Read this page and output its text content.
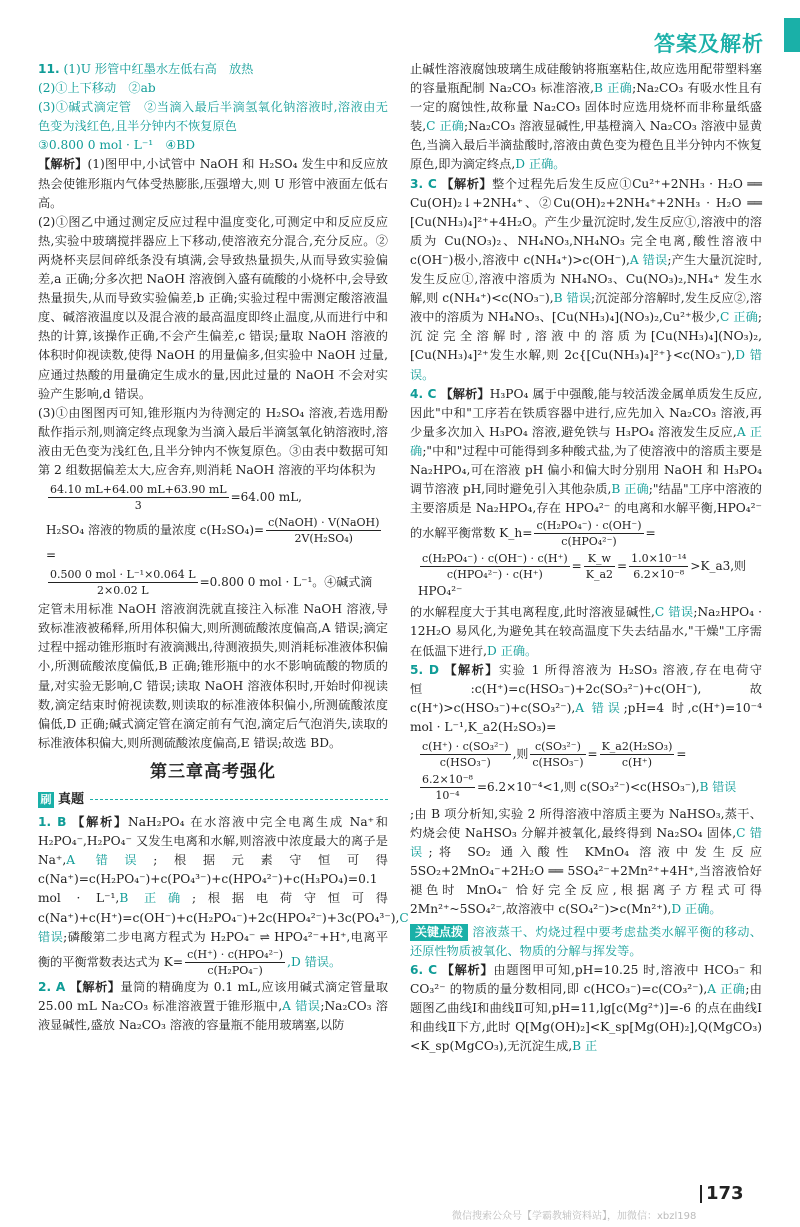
答案及解析

11. (1)U 形管中红墨水左低右高　放热

(2)①上下移动　②ab

(3)①碱式滴定管　②当滴入最后半滴氢氧化钠溶液时,溶液由无色变为浅红色,且半分钟内不恢复原色

③0.800 0 mol · L⁻¹　④BD

【解析】(1)图甲中,小试管中 NaOH 和 H₂SO₄ 发生中和反应放热会使锥形瓶内气体受热膨胀,压强增大,则 U 形管中液面左低右高。

(2)①图乙中通过测定反应过程中温度变化,可测定中和反应反应热,实验中玻璃搅拌器应上下移动,使溶液充分混合,充分反应。②两烧杯夹层间碎纸条没有填满,会导致热量损失,从而导致实验偏差,a 正确;分多次把 NaOH 溶液倒入盛有硫酸的小烧杯中,会导致热量损失,从而导致实验偏差,b 正确;实验过程中需测定酸溶液温度、碱溶液温度以及混合液的最高温度即终止温度,从而进行中和热的计算,该操作正确,不会产生偏差,c 错误;量取 NaOH 溶液的体积时仰视读数,使得 NaOH 的用量偏多,但实验中 NaOH 过量,应通过热酸的用量确定生成水的量,因此过量的 NaOH 不会对实验产生影响,d 错误。

(3)①由图图丙可知,锥形瓶内为待测定的 H₂SO₄ 溶液,若选用酚酞作指示剂,则滴定终点现象为当滴入最后半滴氢氧化钠溶液时,溶液由无色变为浅红色,且半分钟内不恢复原色。③由表中数据可知第 2 组数据偏差太大,应舍弃,则消耗 NaOH 溶液的平均体积为

$\frac{64.10 mL+64.00 mL+63.90 mL}{3} =64.00$ mL,
H₂SO₄ 溶液的物质的量浓度 $c(H_2SO_4)= \frac{\text{c(NaOH) · V(NaOH)}}{\text{2V(H₂SO₄)}}$
=
$\frac{\text{0.500 0 mol · L⁻¹×0.064 L}}{2\times 0.02 L} =0.800$ 0 mol · L⁻¹。④碱式滴

定管未用标准 NaOH 溶液润洗就直接注入标准 NaOH 溶液,导致标准液被稀释,所用体积偏大,则所测硫酸浓度偏高,A 错误;滴定过程中摇动锥形瓶时有液滴溅出,待测液损失,则消耗标准液体积偏小,所测硫酸浓度偏低,B 正确;锥形瓶中的水不影响硫酸的物质的量,对实验无影响,C 错误;读取 NaOH 溶液体积时,开始时仰视读数,滴定结束时俯视读数,则读取的标准液体积偏小,所测硫酸浓度偏低,D 正确;碱式滴定管在滴定前有气泡,滴定后气泡消失,读取的标准液体积偏大,则所测硫酸浓度偏高,E 错误;故选 BD。

第三章高考强化
刷 真题

1. B 【解析】NaH₂PO₄ 在水溶液中完全电离生成 Na⁺和 H₂PO₄⁻,H₂PO₄⁻ 又发生电离和水解,则溶液中浓度最大的离子是 Na⁺,A 错误;根据元素守恒可得 c(Na⁺)=c(H₂PO₄⁻)+c(PO₄³⁻)+c(HPO₄²⁻)+c(H₃PO₄)=0.1 mol · L⁻¹,B 正确;根据电荷守恒可得 c(Na⁺)+c(H⁺)=c(OH⁻)+c(H₂PO₄⁻)+2c(HPO₄²⁻)+3c(PO₄³⁻),C 错误;磷酸第二步电离方程式为 H₂PO₄⁻ ⇌ HPO₄²⁻+H⁺,电离平衡的平衡常数表达式为 $K= \frac{\text{c(H⁺) · c(HPO₄²⁻)}}{\text{c(H₂PO₄⁻)}} ,D$ 错误。

2. A 【解析】量筒的精确度为 0.1 mL,应该用碱式滴定管量取 25.00 mL Na₂CO₃ 标准溶液置于锥形瓶中,A 错误;Na₂CO₃ 溶液显碱性,盛放 Na₂CO₃ 溶液的容量瓶不能用玻璃塞,以防

止碱性溶液腐蚀玻璃生成硅酸钠将瓶塞粘住,故应选用配带塑料塞的容量瓶配制 Na₂CO₃ 标准溶液,B 正确;Na₂CO₃ 有吸水性且有一定的腐蚀性,故称量 Na₂CO₃ 固体时应选用烧杯而非称量纸盛装,C 正确;Na₂CO₃ 溶液显碱性,甲基橙滴入 Na₂CO₃ 溶液中显黄色,当滴入最后半滴盐酸时,溶液由黄色变为橙色且半分钟内不恢复原色,即为滴定终点,D 正确。

3. C 【解析】整个过程先后发生反应①Cu²⁺+2NH₃ · H₂O ══ Cu(OH)₂↓+2NH₄⁺、②Cu(OH)₂+2NH₄⁺+2NH₃ · H₂O ══ [Cu(NH₃)₄]²⁺+4H₂O。产生少量沉淀时,发生反应①,溶液中的溶质为 Cu(NO₃)₂、NH₄NO₃,NH₄NO₃ 完全电离,酸性溶液中 c(OH⁻)极小,溶液中 c(NH₄⁺)>c(OH⁻),A 错误;产生大量沉淀时,发生反应①,溶液中溶质为 NH₄NO₃、Cu(NO₃)₂,NH₄⁺ 发生水解,则 c(NH₄⁺)<c(NO₃⁻),B 错误;沉淀部分溶解时,发生反应②,溶液中的溶质为 NH₄NO₃、[Cu(NH₃)₄](NO₃)₂,Cu²⁺极少,C 正确;沉淀完全溶解时,溶液中的溶质为[Cu(NH₃)₄](NO₃)₂,[Cu(NH₃)₄]²⁺发生水解,则 2c{[Cu(NH₃)₄]²⁺}<c(NO₃⁻),D 错误。

4. C 【解析】H₃PO₄ 属于中强酸,能与较活泼金属单质发生反应,因此"中和"工序若在铁质容器中进行,应先加入 Na₂CO₃ 溶液,再少量多次加入 H₃PO₄ 溶液,避免铁与 H₃PO₄ 溶液发生反应,A 正确;"中和"过程中可能得到多种酸式盐,为了使溶液中的溶质主要是 Na₂HPO₄,可在溶液 pH 偏小和偏大时分别用 NaOH 和 H₃PO₄ 调节溶液 pH,同时避免引入其他杂质,B 正确;"结晶"工序中溶液的主要溶质是 Na₂HPO₄,存在 HPO₄²⁻ 的电离和水解平衡,HPO₄²⁻ 的水解平衡常数 K_h= $\frac{\text{c(H₂PO₄⁻) · c(OH⁻)}}{\text{c(HPO₄²⁻)}}$ =

$\frac{\text{c(H₂PO₄⁻) · c(OH⁻) · c(H⁺)}}{\text{c(HPO₄²⁻) · c(H⁺)}} = \frac{K\_w}{K\_a2} = \frac{\text{1.0×10⁻¹⁴}}{\text{6.2×10⁻⁸}}$ >K_a3,则 HPO₄²⁻

的水解程度大于其电离程度,此时溶液显碱性,C 错误;Na₂HPO₄ · 12H₂O 易风化,为避免其在较高温度下失去结晶水,"干燥"工序需在低温下进行,D 正确。

5. D 【解析】实验 1 所得溶液为 H₂SO₃ 溶液,存在电荷守恒:c(H⁺)=c(HSO₃⁻)+2c(SO₃²⁻)+c(OH⁻),故 c(H⁺)>c(HSO₃⁻)+c(SO₃²⁻),A 错误;pH=4 时,c(H⁺)=10⁻⁴ mol · L⁻¹,K_a2(H₂SO₃)=

$\frac{\text{c(H⁺) · c(SO₃²⁻)}}{\text{c(HSO₃⁻)}}$ ,则 $\frac{\text{c(SO₃²⁻)}}{\text{c(HSO₃⁻)}} = \frac{\text{K\_a2(H₂SO₃)}}{c(H^+)}$ =
$\frac{\text{6.2×10⁻⁸}}{\text{10⁻⁴}} =6.2\times 10^{-4}<1$,则 c(SO₃²⁻)<c(HSO₃⁻),B 错误

;由 B 项分析知,实验 2 所得溶液中溶质主要为 NaHSO₃,蒸干、灼烧会使 NaHSO₃ 分解并被氧化,最终得到 Na₂SO₄ 固体,C 错误;将 SO₂ 通入酸性 KMnO₄ 溶液中发生反应 5SO₂+2MnO₄⁻+2H₂O ══ 5SO₄²⁻+2Mn²⁺+4H⁺,当溶液恰好褪色时 MnO₄⁻ 恰好完全反应,根据离子方程式可得 2Mn²⁺~5SO₄²⁻,故溶液中 c(SO₄²⁻)>c(Mn²⁺),D 正确。

关键点拨 溶液蒸干、灼烧过程中要考虑盐类水解平衡的移动、还原性物质被氧化、物质的分解与挥发等。

6. C 【解析】由题图甲可知,pH=10.25 时,溶液中 HCO₃⁻ 和 CO₃²⁻ 的物质的量分数相同,即 c(HCO₃⁻)=c(CO₃²⁻),A 正确;由题图乙曲线Ⅰ和曲线Ⅱ可知,pH=11,lg[c(Mg²⁺)]=-6 的点在曲线Ⅰ和曲线Ⅱ下方,此时 Q[Mg(OH)₂]<K_sp[Mg(OH)₂],Q(MgCO₃)<K_sp(MgCO₃),无沉淀生成,B 正

173
微信搜索公众号【学霸教辅资料站】，加微信：xbzl198
